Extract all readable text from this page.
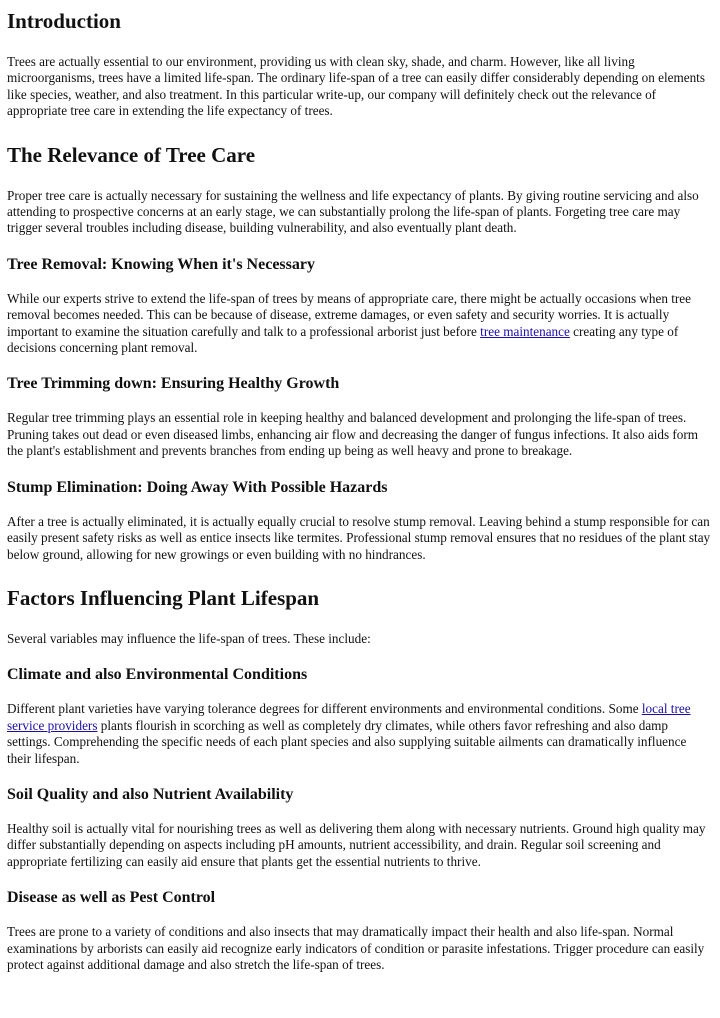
Introduction

Trees are actually essential to our environment, providing us with clean sky, shade, and charm. However, like all living microorganisms, trees have a limited life-span. The ordinary life-span of a tree can easily differ considerably depending on elements like species, weather, and also treatment. In this particular write-up, our company will definitely check out the relevance of appropriate tree care in extending the life expectancy of trees.

The Relevance of Tree Care

Proper tree care is actually necessary for sustaining the wellness and life expectancy of plants. By giving routine servicing and also attending to prospective concerns at an early stage, we can substantially prolong the life-span of plants. Forgeting tree care may trigger several troubles including disease, building vulnerability, and also eventually plant death.

Tree Removal: Knowing When it's Necessary

While our experts strive to extend the life-span of trees by means of appropriate care, there might be actually occasions when tree removal becomes needed. This can be because of disease, extreme damages, or even safety and security worries. It is actually important to examine the situation carefully and talk to a professional arborist just before tree maintenance creating any type of decisions concerning plant removal.

Tree Trimming down: Ensuring Healthy Growth

Regular tree trimming plays an essential role in keeping healthy and balanced development and prolonging the life-span of trees. Pruning takes out dead or even diseased limbs, enhancing air flow and decreasing the danger of fungus infections. It also aids form the plant's establishment and prevents branches from ending up being as well heavy and prone to breakage.

Stump Elimination: Doing Away With Possible Hazards

After a tree is actually eliminated, it is actually equally crucial to resolve stump removal. Leaving behind a stump responsible for can easily present safety risks as well as entice insects like termites. Professional stump removal ensures that no residues of the plant stay below ground, allowing for new growings or even building with no hindrances.

Factors Influencing Plant Lifespan

Several variables may influence the life-span of trees. These include:

Climate and also Environmental Conditions

Different plant varieties have varying tolerance degrees for different environments and environmental conditions. Some local tree service providers plants flourish in scorching as well as completely dry climates, while others favor refreshing and also damp settings. Comprehending the specific needs of each plant species and also supplying suitable ailments can dramatically influence their lifespan.

Soil Quality and also Nutrient Availability

Healthy soil is actually vital for nourishing trees as well as delivering them along with necessary nutrients. Ground high quality may differ substantially depending on aspects including pH amounts, nutrient accessibility, and drain. Regular soil screening and appropriate fertilizing can easily aid ensure that plants get the essential nutrients to thrive.

Disease as well as Pest Control

Trees are prone to a variety of conditions and also insects that may dramatically impact their health and also life-span. Normal examinations by arborists can easily aid recognize early indicators of condition or parasite infestations. Trigger procedure can easily protect against additional damage and also stretch the life-span of trees.
